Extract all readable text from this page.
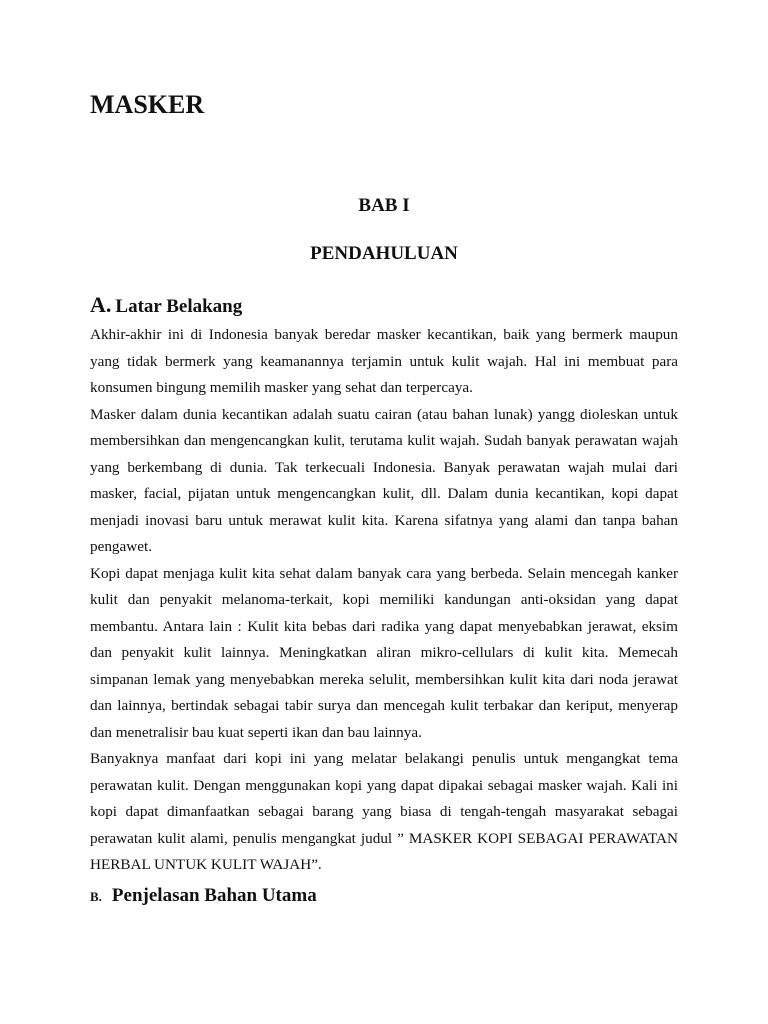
MASKER
BAB I
PENDAHULUAN
A. Latar Belakang

Akhir-akhir ini di Indonesia banyak beredar masker kecantikan, baik yang bermerk maupun yang tidak bermerk yang keamanannya terjamin untuk kulit wajah. Hal ini membuat para konsumen bingung memilih masker yang sehat dan terpercaya.

Masker dalam dunia kecantikan adalah suatu cairan (atau bahan lunak) yangg dioleskan untuk membersihkan dan mengencangkan kulit, terutama kulit wajah. Sudah banyak perawatan wajah yang berkembang di dunia. Tak terkecuali Indonesia. Banyak perawatan wajah mulai dari masker, facial, pijatan untuk mengencangkan kulit, dll. Dalam dunia kecantikan, kopi dapat menjadi inovasi baru untuk merawat kulit kita. Karena sifatnya yang alami dan tanpa bahan pengawet.

Kopi dapat menjaga kulit kita sehat dalam banyak cara yang berbeda. Selain mencegah kanker kulit dan penyakit melanoma-terkait, kopi memiliki kandungan anti-oksidan yang dapat membantu. Antara lain : Kulit kita bebas dari radika yang dapat menyebabkan jerawat, eksim dan penyakit kulit lainnya. Meningkatkan aliran mikro-cellulars di kulit kita. Memecah simpanan lemak yang menyebabkan mereka selulit, membersihkan kulit kita dari noda jerawat dan lainnya, bertindak sebagai tabir surya dan mencegah kulit terbakar dan keriput, menyerap dan menetralisir bau kuat seperti ikan dan bau lainnya.

Banyaknya manfaat dari kopi ini yang melatar belakangi penulis untuk mengangkat tema perawatan kulit. Dengan menggunakan kopi yang dapat dipakai sebagai masker wajah. Kali ini kopi dapat dimanfaatkan sebagai barang yang biasa di tengah-tengah masyarakat sebagai perawatan kulit alami, penulis mengangkat judul ” MASKER KOPI SEBAGAI PERAWATAN HERBAL UNTUK KULIT WAJAH”.

B. Penjelasan Bahan Utama
